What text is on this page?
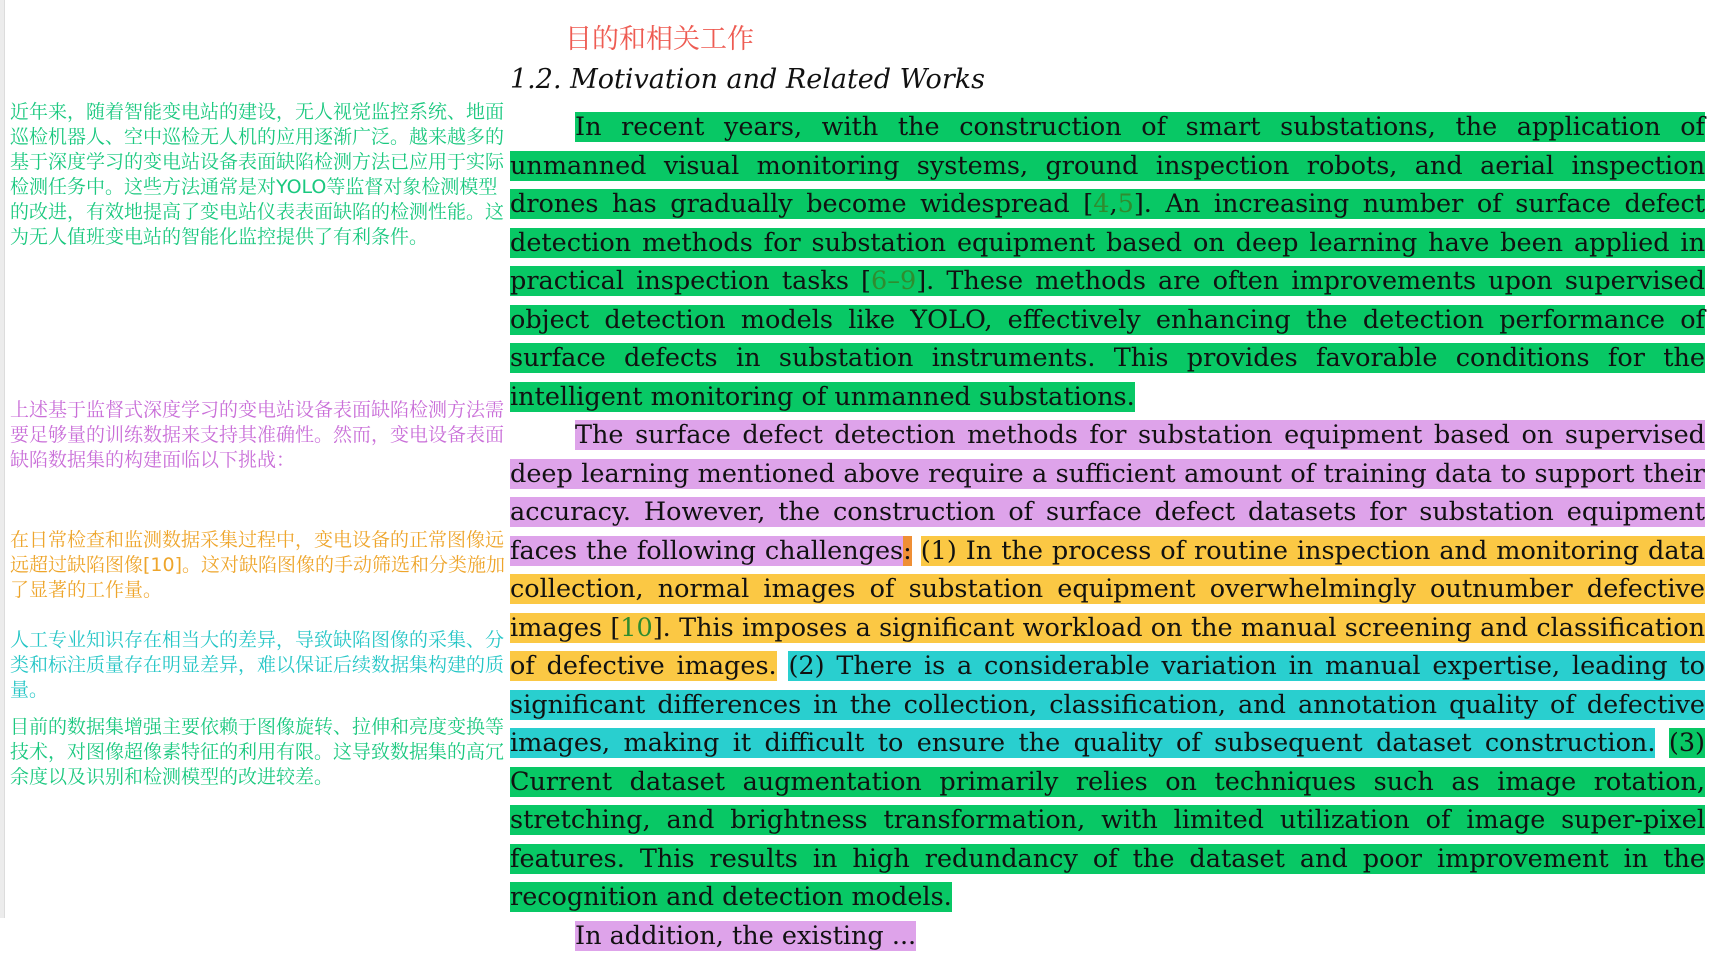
近年来，随着智能变电站的建设，无人视觉监控系统、地面巡检机器人、空中巡检无人机的应用逐渐广泛。越来越多的基于深度学习的变电站设备表面缺陷检测方法已应用于实际检测任务中。这些方法通常是对YOLO等监督对象检测模型的改进，有效地提高了变电站仪表表面缺陷的检测性能。这为无人值班变电站的智能化监控提供了有利条件。
上述基于监督式深度学习的变电站设备表面缺陷检测方法需要足够量的训练数据来支持其准确性。然而，变电设备表面缺陷数据集的构建面临以下挑战：
在日常检查和监测数据采集过程中，变电设备的正常图像远远超过缺陷图像[10]。这对缺陷图像的手动筛选和分类施加了显著的工作量。
人工专业知识存在相当大的差异，导致缺陷图像的采集、分类和标注质量存在明显差异，难以保证后续数据集构建的质量。
目前的数据集增强主要依赖于图像旋转、拉伸和亮度变换等技术，对图像超像素特征的利用有限。这导致数据集的高冗余度以及识别和检测模型的改进较差。
目的和相关工作
1.2. Motivation and Related Works

In recent years, with the construction of smart substations, the application of unmanned visual monitoring systems, ground inspection robots, and aerial inspection drones has gradually become widespread [4,5]. An increasing number of surface defect detection methods for substation equipment based on deep learning have been applied in practical inspection tasks [6–9]. These methods are often improvements upon supervised object detection models like YOLO, effectively enhancing the detection performance of surface defects in substation instruments. This provides favorable conditions for the intelligent monitoring of unmanned substations.

The surface defect detection methods for substation equipment based on supervised deep learning mentioned above require a sufficient amount of training data to support their accuracy. However, the construction of surface defect datasets for substation equipment faces the following challenges: (1) In the process of routine inspection and monitoring data collection, normal images of substation equipment overwhelmingly outnumber defective images [10]. This imposes a significant workload on the manual screening and classification of defective images. (2) There is a considerable variation in manual expertise, leading to significant differences in the collection, classification, and annotation quality of defective images, making it difficult to ensure the quality of subsequent dataset construction. (3) Current dataset augmentation primarily relies on techniques such as image rotation, stretching, and brightness transformation, with limited utilization of image super-pixel features. This results in high redundancy of the dataset and poor improvement in the recognition and detection models.

In addition, the existing ...
